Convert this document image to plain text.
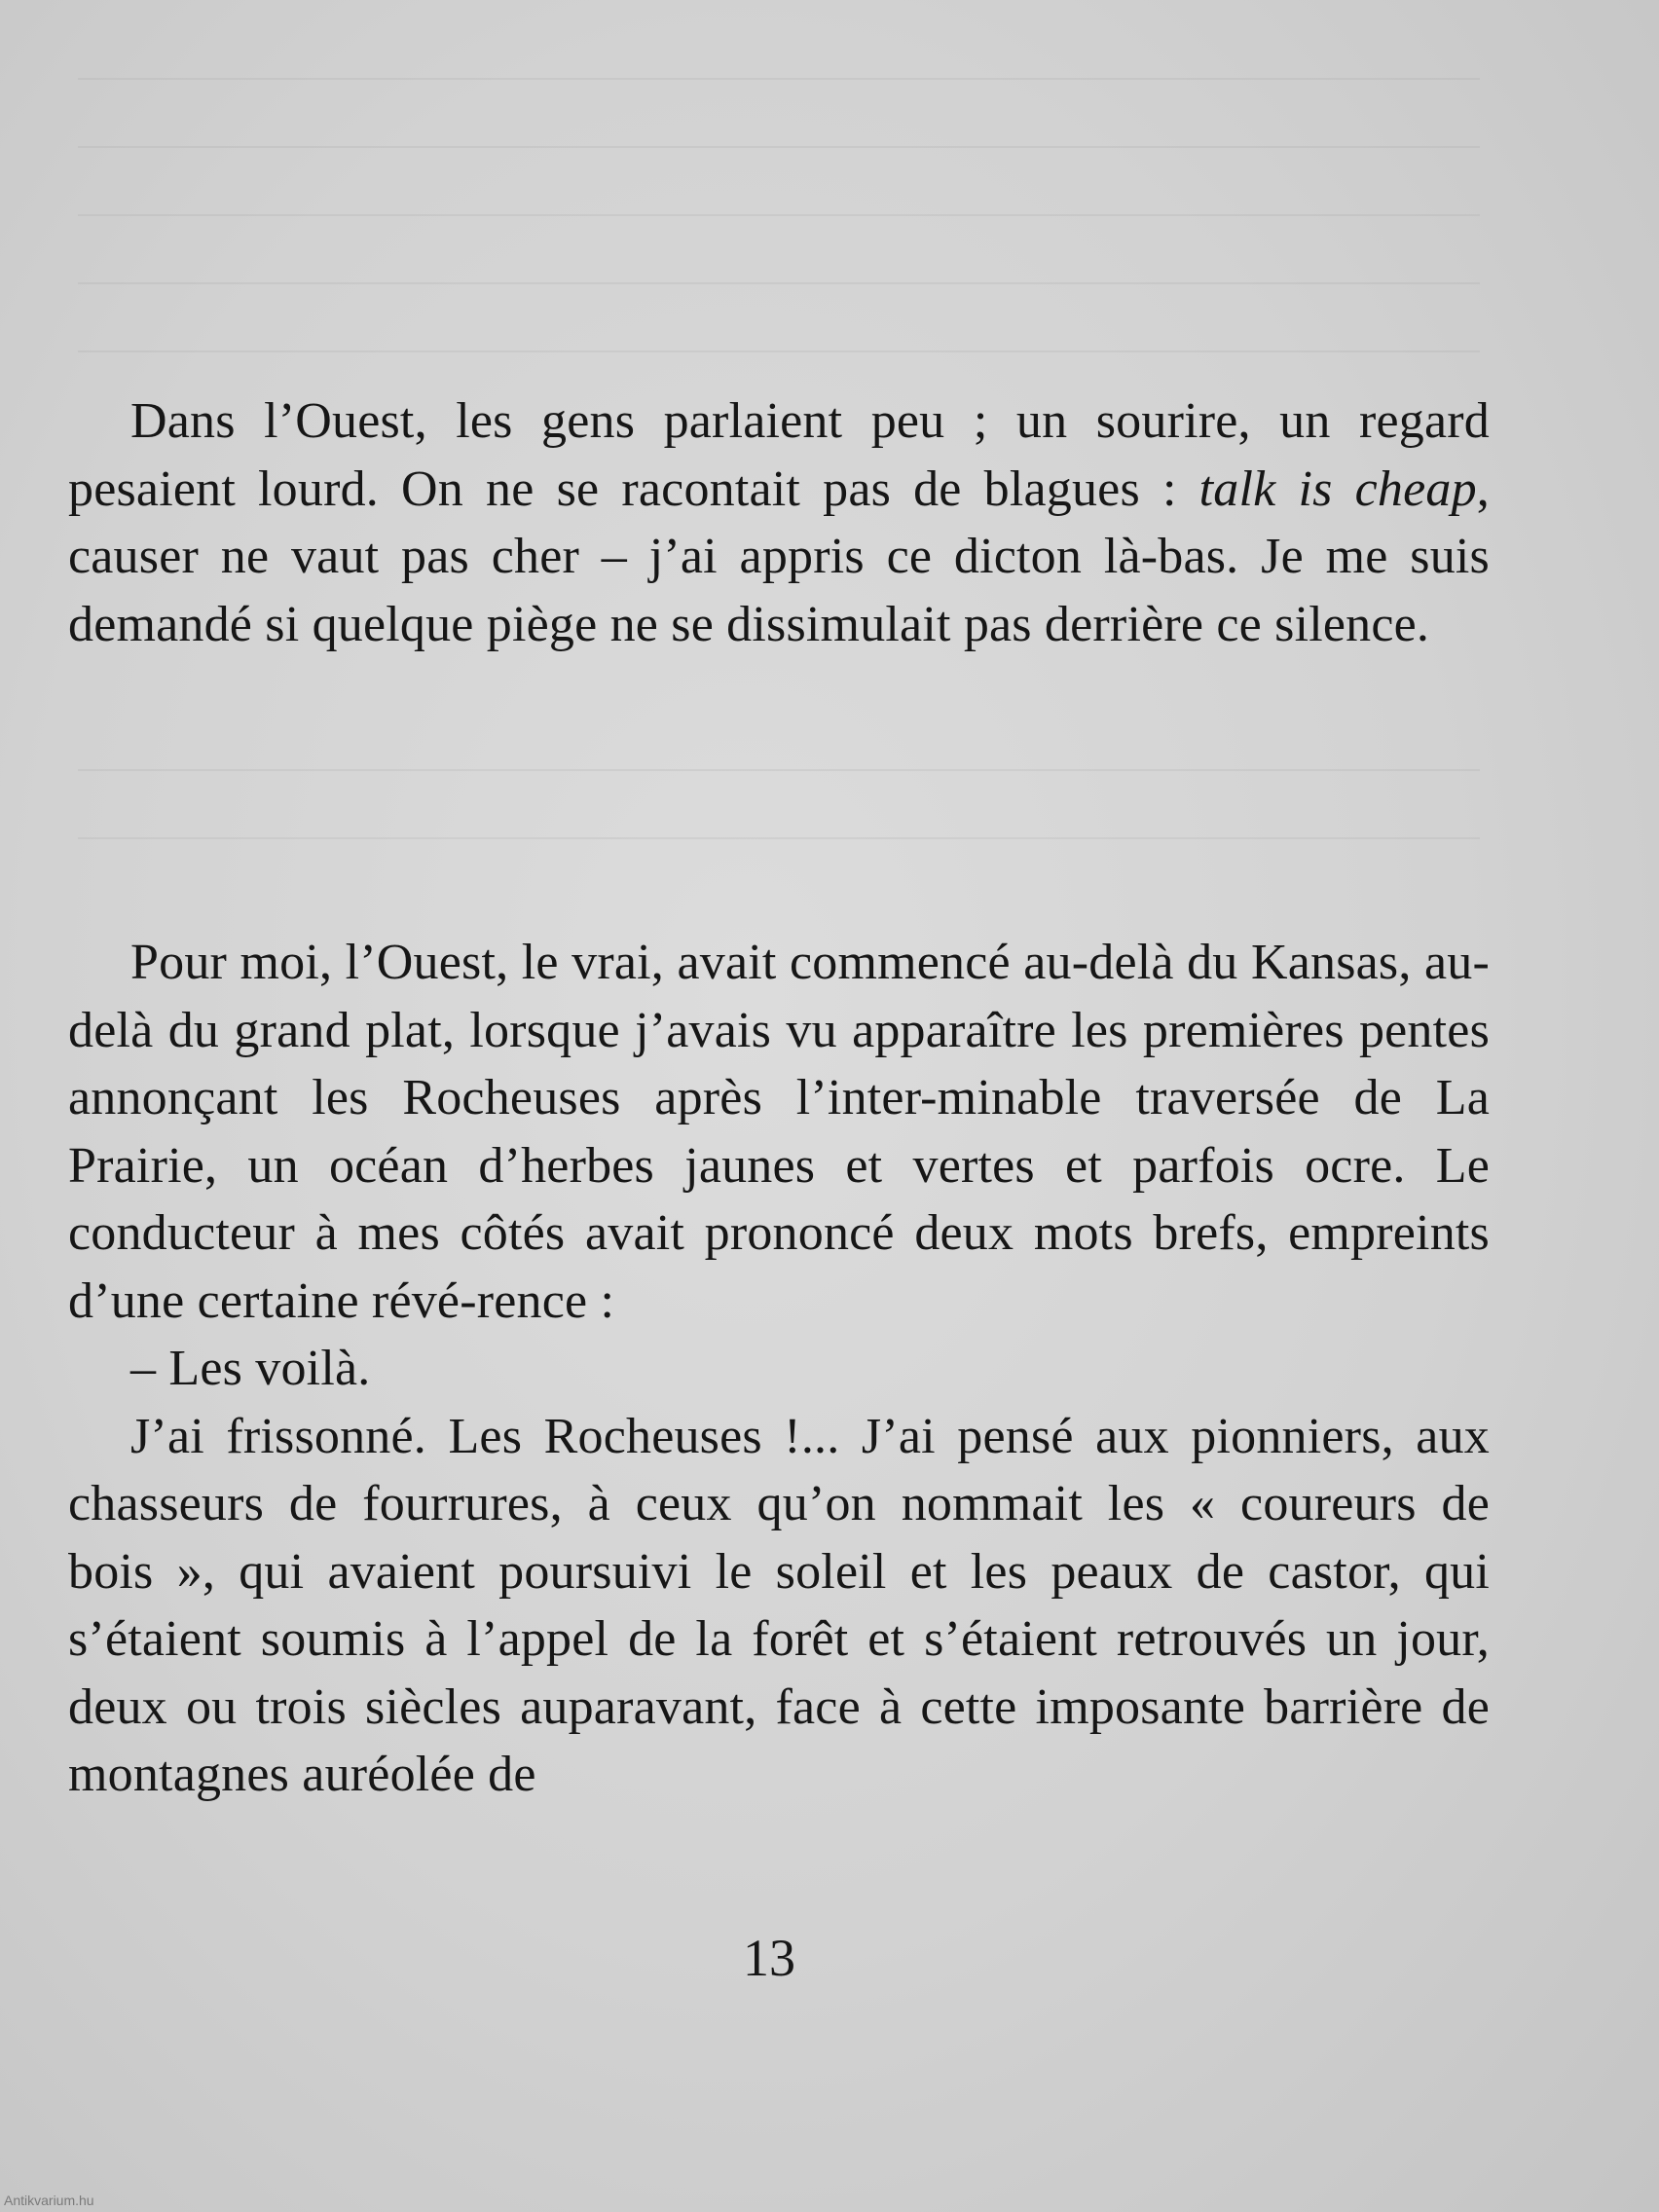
Dans l’Ouest, les gens parlaient peu ; un sourire, un regard pesaient lourd. On ne se racontait pas de blagues : talk is cheap, causer ne vaut pas cher – j’ai appris ce dicton là-bas. Je me suis demandé si quelque piège ne se dissimulait pas derrière ce silence.

Pour moi, l’Ouest, le vrai, avait commencé au-delà du Kansas, au-delà du grand plat, lorsque j’avais vu apparaître les premières pentes annonçant les Rocheuses après l’inter-minable traversée de La Prairie, un océan d’herbes jaunes et vertes et parfois ocre. Le conducteur à mes côtés avait prononcé deux mots brefs, empreints d’une certaine révé-rence :

– Les voilà.

J’ai frissonné. Les Rocheuses !... J’ai pensé aux pionniers, aux chasseurs de fourrures, à ceux qu’on nommait les « coureurs de bois », qui avaient poursuivi le soleil et les peaux de castor, qui s’étaient soumis à l’appel de la forêt et s’étaient retrouvés un jour, deux ou trois siècles auparavant, face à cette imposante barrière de montagnes auréolée de

13
Antikvarium.hu
